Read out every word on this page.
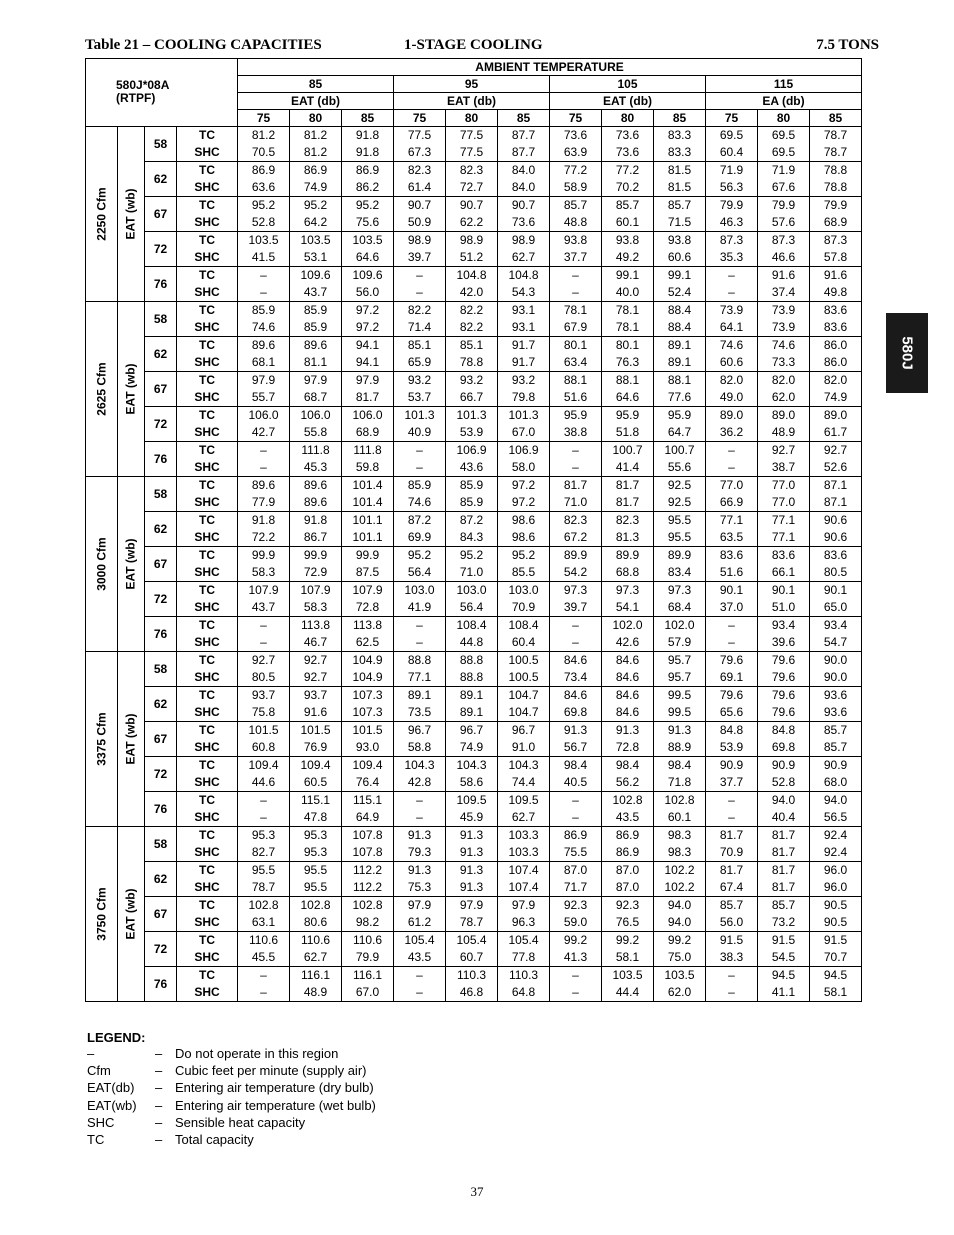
Table 21 – COOLING CAPACITIES	1-STAGE COOLING	7.5 TONS
580J*08A
(RTPF)				AMBIENT TEMPERATURE											
				85			95			105			115		
				EAT (db)			EAT (db)			EAT (db)			EA (db)		
				75	80	85	75	80	85	75	80	85	75	80	85

2250 Cfm	EAT (wb)	58	TC	81.2	81.2	91.8	77.5	77.5	87.7	73.6	73.6	83.3	69.5	69.5	78.7
			SHC	70.5	81.2	91.8	67.3	77.5	87.7	63.9	73.6	83.3	60.4	69.5	78.7
		62	TC	86.9	86.9	86.9	82.3	82.3	84.0	77.2	77.2	81.5	71.9	71.9	78.8
			SHC	63.6	74.9	86.2	61.4	72.7	84.0	58.9	70.2	81.5	56.3	67.6	78.8
		67	TC	95.2	95.2	95.2	90.7	90.7	90.7	85.7	85.7	85.7	79.9	79.9	79.9
			SHC	52.8	64.2	75.6	50.9	62.2	73.6	48.8	60.1	71.5	46.3	57.6	68.9
		72	TC	103.5	103.5	103.5	98.9	98.9	98.9	93.8	93.8	93.8	87.3	87.3	87.3
			SHC	41.5	53.1	64.6	39.7	51.2	62.7	37.7	49.2	60.6	35.3	46.6	57.8
		76	TC	–	109.6	109.6	–	104.8	104.8	–	99.1	99.1	–	91.6	91.6
			SHC	–	43.7	56.0	–	42.0	54.3	–	40.0	52.4	–	37.4	49.8

2625 Cfm	EAT (wb)	58	TC	85.9	85.9	97.2	82.2	82.2	93.1	78.1	78.1	88.4	73.9	73.9	83.6
			SHC	74.6	85.9	97.2	71.4	82.2	93.1	67.9	78.1	88.4	64.1	73.9	83.6
		62	TC	89.6	89.6	94.1	85.1	85.1	91.7	80.1	80.1	89.1	74.6	74.6	86.0
			SHC	68.1	81.1	94.1	65.9	78.8	91.7	63.4	76.3	89.1	60.6	73.3	86.0
		67	TC	97.9	97.9	97.9	93.2	93.2	93.2	88.1	88.1	88.1	82.0	82.0	82.0
			SHC	55.7	68.7	81.7	53.7	66.7	79.8	51.6	64.6	77.6	49.0	62.0	74.9
		72	TC	106.0	106.0	106.0	101.3	101.3	101.3	95.9	95.9	95.9	89.0	89.0	89.0
			SHC	42.7	55.8	68.9	40.9	53.9	67.0	38.8	51.8	64.7	36.2	48.9	61.7
		76	TC	–	111.8	111.8	–	106.9	106.9	–	100.7	100.7	–	92.7	92.7
			SHC	–	45.3	59.8	–	43.6	58.0	–	41.4	55.6	–	38.7	52.6

3000 Cfm	EAT (wb)	58	TC	89.6	89.6	101.4	85.9	85.9	97.2	81.7	81.7	92.5	77.0	77.0	87.1
			SHC	77.9	89.6	101.4	74.6	85.9	97.2	71.0	81.7	92.5	66.9	77.0	87.1
		62	TC	91.8	91.8	101.1	87.2	87.2	98.6	82.3	82.3	95.5	77.1	77.1	90.6
			SHC	72.2	86.7	101.1	69.9	84.3	98.6	67.2	81.3	95.5	63.5	77.1	90.6
		67	TC	99.9	99.9	99.9	95.2	95.2	95.2	89.9	89.9	89.9	83.6	83.6	83.6
			SHC	58.3	72.9	87.5	56.4	71.0	85.5	54.2	68.8	83.4	51.6	66.1	80.5
		72	TC	107.9	107.9	107.9	103.0	103.0	103.0	97.3	97.3	97.3	90.1	90.1	90.1
			SHC	43.7	58.3	72.8	41.9	56.4	70.9	39.7	54.1	68.4	37.0	51.0	65.0
		76	TC	–	113.8	113.8	–	108.4	108.4	–	102.0	102.0	–	93.4	93.4
			SHC	–	46.7	62.5	–	44.8	60.4	–	42.6	57.9	–	39.6	54.7

3375 Cfm	EAT (wb)	58	TC	92.7	92.7	104.9	88.8	88.8	100.5	84.6	84.6	95.7	79.6	79.6	90.0
			SHC	80.5	92.7	104.9	77.1	88.8	100.5	73.4	84.6	95.7	69.1	79.6	90.0
		62	TC	93.7	93.7	107.3	89.1	89.1	104.7	84.6	84.6	99.5	79.6	79.6	93.6
			SHC	75.8	91.6	107.3	73.5	89.1	104.7	69.8	84.6	99.5	65.6	79.6	93.6
		67	TC	101.5	101.5	101.5	96.7	96.7	96.7	91.3	91.3	91.3	84.8	84.8	85.7
			SHC	60.8	76.9	93.0	58.8	74.9	91.0	56.7	72.8	88.9	53.9	69.8	85.7
		72	TC	109.4	109.4	109.4	104.3	104.3	104.3	98.4	98.4	98.4	90.9	90.9	90.9
			SHC	44.6	60.5	76.4	42.8	58.6	74.4	40.5	56.2	71.8	37.7	52.8	68.0
		76	TC	–	115.1	115.1	–	109.5	109.5	–	102.8	102.8	–	94.0	94.0
			SHC	–	47.8	64.9	–	45.9	62.7	–	43.5	60.1	–	40.4	56.5

3750 Cfm	EAT (wb)	58	TC	95.3	95.3	107.8	91.3	91.3	103.3	86.9	86.9	98.3	81.7	81.7	92.4
			SHC	82.7	95.3	107.8	79.3	91.3	103.3	75.5	86.9	98.3	70.9	81.7	92.4
		62	TC	95.5	95.5	112.2	91.3	91.3	107.4	87.0	87.0	102.2	81.7	81.7	96.0
			SHC	78.7	95.5	112.2	75.3	91.3	107.4	71.7	87.0	102.2	67.4	81.7	96.0
		67	TC	102.8	102.8	102.8	97.9	97.9	97.9	92.3	92.3	94.0	85.7	85.7	90.5
			SHC	63.1	80.6	98.2	61.2	78.7	96.3	59.0	76.5	94.0	56.0	73.2	90.5
		72	TC	110.6	110.6	110.6	105.4	105.4	105.4	99.2	99.2	99.2	91.5	91.5	91.5
			SHC	45.5	62.7	79.9	43.5	60.7	77.8	41.3	58.1	75.0	38.3	54.5	70.7
		76	TC	–	116.1	116.1	–	110.3	110.3	–	103.5	103.5	–	94.5	94.5
			SHC	–	48.9	67.0	–	46.8	64.8	–	44.4	62.0	–	41.1	58.1
580J
LEGEND:
–	– Do not operate in this region
Cfm	– Cubic feet per minute (supply air)
EAT(db) – Entering air temperature (dry bulb)
EAT(wb) – Entering air temperature (wet bulb)
SHC	– Sensible heat capacity
TC	– Total capacity
37
